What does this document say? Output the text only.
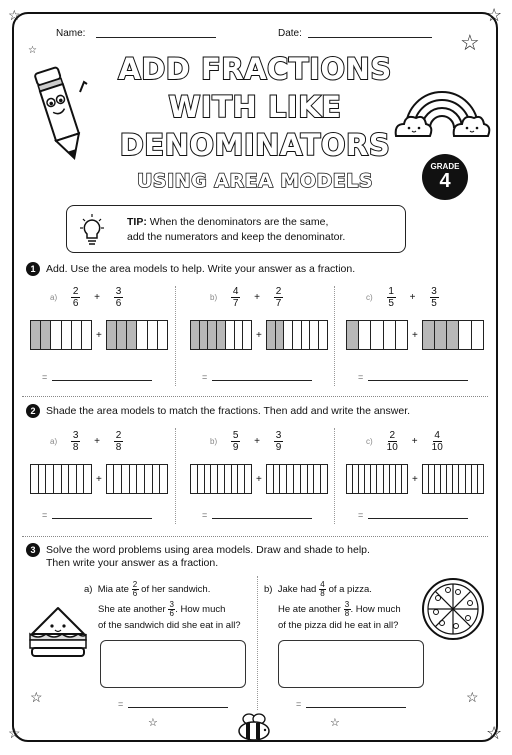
☆	☆
☆
☆	☆
☆	☆
☆
Name:	Date:
ADD FRACTIONS
WITH LIKE
DENOMINATORS
USING AREA MODELS
GRADE
4
TIP: When the denominators are the same,
add the numerators and keep the denominator.
1	Add. Use the area models to help. Write your answer as a fraction.
$a) \frac{2}{6} + \frac{3}{6}$
+
=
$b) \frac{4}{7} + \frac{2}{7}$
+
=
$c) \frac{1}{5} + \frac{3}{5}$
+
=
2	Shade the area models to match the fractions. Then add and write the answer.
$a) \frac{3}{8} + \frac{2}{8}$
+
=
$b) \frac{5}{9} + \frac{3}{9}$
+
=
$c) \frac{2}{10} + \frac{4}{10}$
+
=
3	Solve the word problems using area models. Draw and shade to help.
Then write your answer as a fraction.
a) Mia ate $\frac{2}{6}$ of her sandwich.
She ate another $\frac{3}{6}$ . How much
of the sandwich did she eat in all?
=
b) Jake had $\frac{4}{8}$ of a pizza.
He ate another $\frac{3}{8}$ . How much
of the pizza did he eat in all?
=
☆	☆
